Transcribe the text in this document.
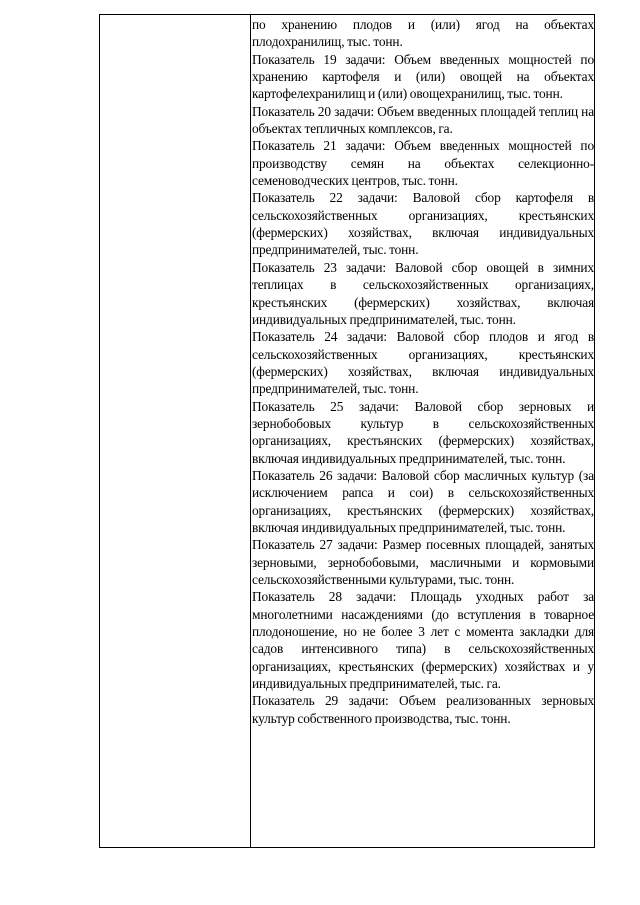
по хранению плодов и (или) ягод на объектах плодохранилищ, тыс. тонн.

Показатель 19 задачи: Объем введенных мощностей по хранению картофеля и (или) овощей на объектах картофелехранилищ и (или) овощехранилищ, тыс. тонн.

Показатель 20 задачи: Объем введенных площадей теплиц на объектах тепличных комплексов, га.

Показатель 21 задачи: Объем введенных мощностей по производству семян на объектах селекционно-семеноводческих центров, тыс. тонн.

Показатель 22 задачи: Валовой сбор картофеля в сельскохозяйственных организациях, крестьянских (фермерских) хозяйствах, включая индивидуальных предпринимателей, тыс. тонн.

Показатель 23 задачи: Валовой сбор овощей в зимних теплицах в сельскохозяйственных организациях, крестьянских (фермерских) хозяйствах, включая индивидуальных предпринимателей, тыс. тонн.

Показатель 24 задачи: Валовой сбор плодов и ягод в сельскохозяйственных организациях, крестьянских (фермерских) хозяйствах, включая индивидуальных предпринимателей, тыс. тонн.

Показатель 25 задачи: Валовой сбор зерновых и зернобобовых культур в сельскохозяйственных организациях, крестьянских (фермерских) хозяйствах, включая индивидуальных предпринимателей, тыс. тонн.

Показатель 26 задачи: Валовой сбор масличных культур (за исключением рапса и сои) в сельскохозяйственных организациях, крестьянских (фермерских) хозяйствах, включая индивидуальных предпринимателей, тыс. тонн.

Показатель 27 задачи: Размер посевных площадей, занятых зерновыми, зернобобовыми, масличными и кормовыми сельскохозяйственными культурами, тыс. тонн.

Показатель 28 задачи: Площадь уходных работ за многолетними насаждениями (до вступления в товарное плодоношение, но не более 3 лет с момента закладки для садов интенсивного типа) в сельскохозяйственных организациях, крестьянских (фермерских) хозяйствах и у индивидуальных предпринимателей, тыс. га.

Показатель 29 задачи: Объем реализованных зерновых культур собственного производства, тыс. тонн.
